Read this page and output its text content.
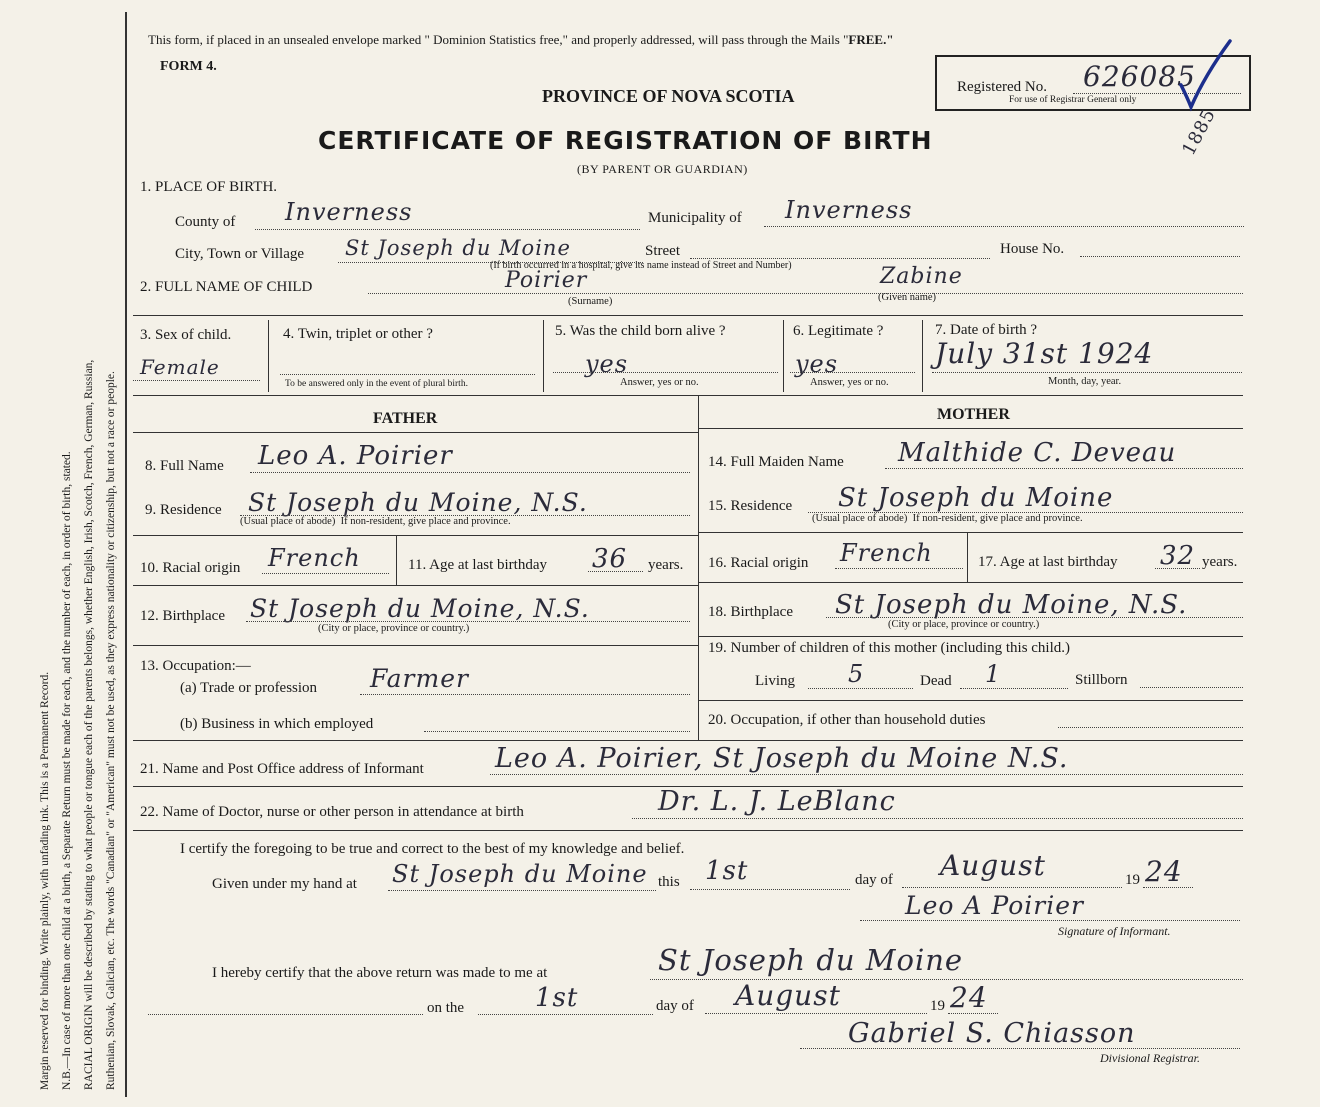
Margin reserved for binding. Write plainly, with unfading ink. This is a Permanent Record. N.B.—In case of more than one child at a birth, a Separate Return must be made for each, and the number of each, in order of birth, stated. RACIAL ORIGIN will be described by stating to what people or tongue each of the parents belongs, whether English, Irish, Scotch, French, German, Russian, Ruthenian, Slovak, Galician, etc. The words "Canadian" or "American" must not be used, as they express nationality or citizenship, but not a race or people.
This form, if placed in an unsealed envelope marked " Dominion Statistics free," and properly addressed, will pass through the Mails "FREE."
FORM 4.
PROVINCE OF NOVA SCOTIA
CERTIFICATE OF REGISTRATION OF BIRTH
(BY PARENT OR GUARDIAN)
Registered No. 626085
For use of Registrar General only
1885
1. PLACE OF BIRTH.
County of Inverness	Municipality of Inverness
City, Town or Village St Joseph du Moine	Street	House No.
(If birth occurred in a hospital, give its name instead of Street and Number)
2. FULL NAME OF CHILD	Poirier	Zabine
(Surname)	(Given name)
3. Sex of child.
Female
4. Twin, triplet or other ?
To be answered only in the event of plural birth.
5. Was the child born alive ?
yes
Answer, yes or no.
6. Legitimate ?
yes
Answer, yes or no.
7. Date of birth ?
July 31st 1924
Month, day, year.
FATHER	MOTHER
8. Full Name Leo A. Poirier
9. Residence St Joseph du Moine, N.S.
(Usual place of abode) If non-resident, give place and province.
10. Racial origin French	11. Age at last birthday 36 years.
12. Birthplace St Joseph du Moine, N.S.
(City or place, province or country.)
13. Occupation:—
(a) Trade or profession Farmer
(b) Business in which employed
14. Full Maiden Name Malthide C. Deveau
15. Residence St Joseph du Moine
(Usual place of abode) If non-resident, give place and province.
16. Racial origin French	17. Age at last birthday 32 years.
18. Birthplace St Joseph du Moine, N.S.
(City or place, province or country.)
19. Number of children of this mother (including this child.)
Living 5	Dead 1	Stillborn
20. Occupation, if other than household duties
21. Name and Post Office address of Informant	Leo A. Poirier, St Joseph du Moine N.S.
22. Name of Doctor, nurse or other person in attendance at birth	Dr. L. J. LeBlanc
I certify the foregoing to be true and correct to the best of my knowledge and belief.
Given under my hand at St Joseph du Moine this 1st	day of August	19 24
Leo A Poirier
Signature of Informant.
I hereby certify that the above return was made to me at	St Joseph du Moine
on the	1st	day of August	19 24
Gabriel S. Chiasson
Divisional Registrar.
